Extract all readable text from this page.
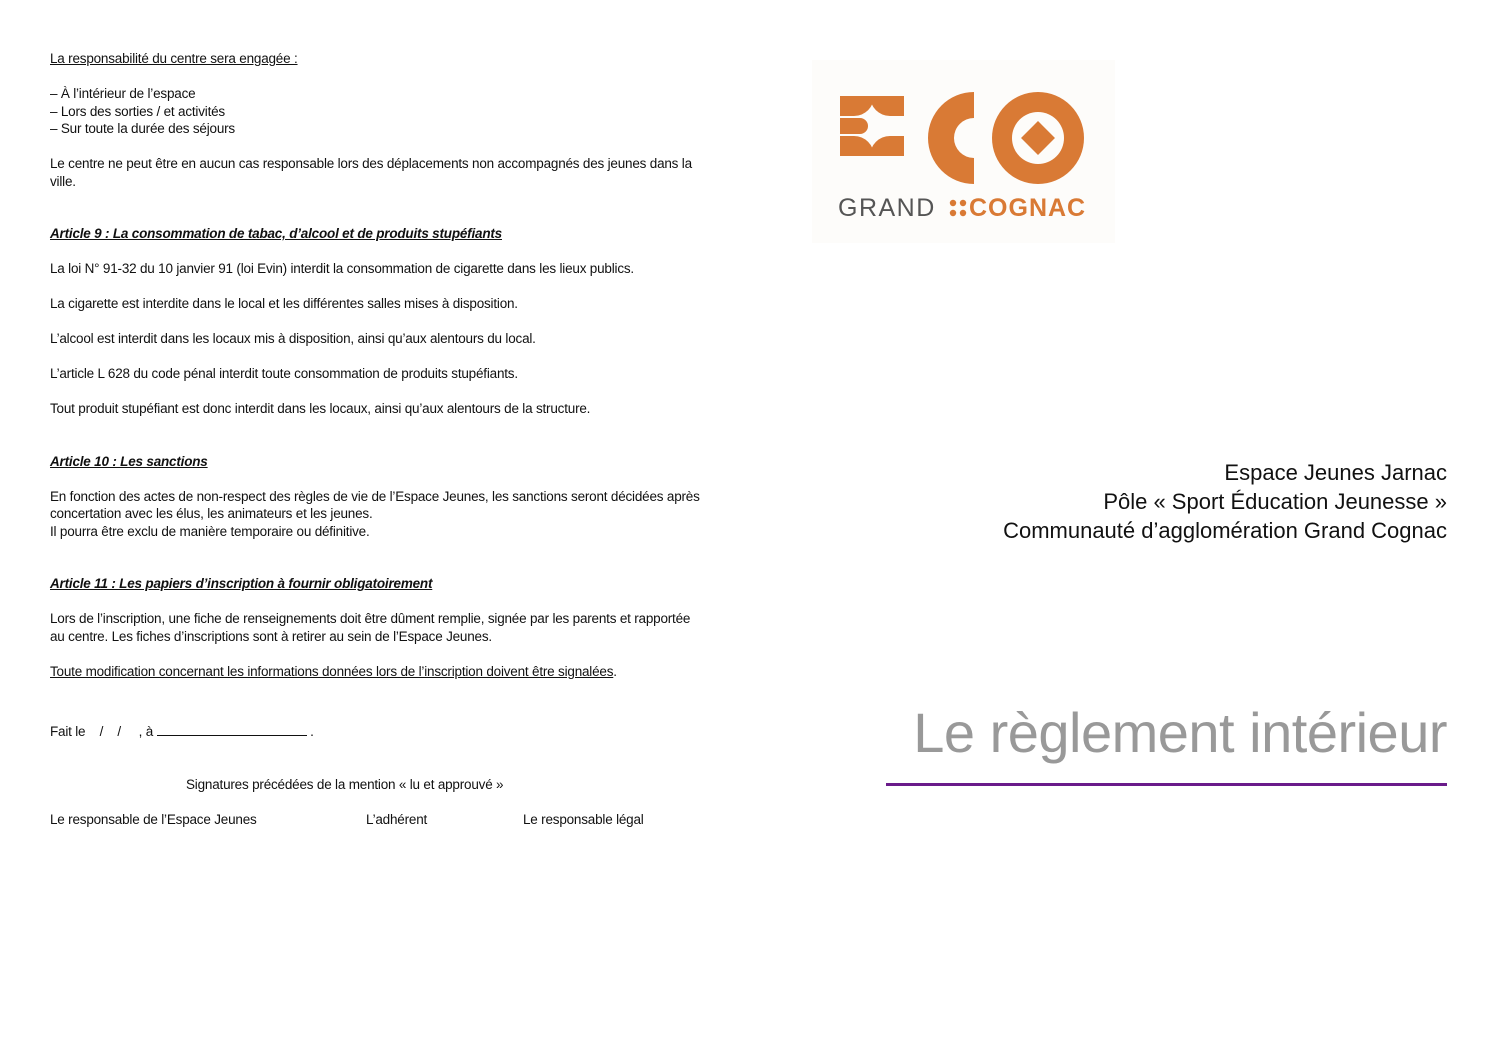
La responsabilité du centre sera engagée :

– À l’intérieur de l’espace
– Lors des sorties / et activités
– Sur toute la durée des séjours

Le centre ne peut être en aucun cas responsable lors des déplacements non accompagnés des jeunes dans la ville.

Article 9 : La consommation de tabac, d’alcool et de produits stupéfiants

La loi N° 91-32 du 10 janvier 91 (loi Evin) interdit la consommation de cigarette dans les lieux publics.

La cigarette est interdite dans le local et les différentes salles mises à disposition.

L’alcool est interdit dans les locaux mis à disposition, ainsi qu’aux alentours du local.

L’article L 628 du code pénal interdit toute consommation de produits stupéfiants.

Tout produit stupéfiant est donc interdit dans les locaux, ainsi qu’aux alentours de la structure.

Article 10 : Les sanctions

En fonction des actes de non-respect des règles de vie de l’Espace Jeunes, les sanctions seront décidées après concertation avec les élus, les animateurs et les jeunes.

Il pourra être exclu de manière temporaire ou définitive.

Article 11 : Les papiers d’inscription à fournir obligatoirement

Lors de l’inscription, une fiche de renseignements doit être dûment remplie, signée par les parents et rapportée au centre. Les fiches d’inscriptions sont à retirer au sein de l’Espace Jeunes.

Toute modification concernant les informations données lors de l’inscription doivent être signalées.

Fait le    /    /     , à	.

Signatures précédées de la mention « lu et approuvé »

Le responsable de l’Espace Jeunes	L’adhérent	Le responsable légal
GRAND COGNAC
Espace Jeunes Jarnac
Pôle « Sport Éducation Jeunesse »
Communauté d’agglomération Grand Cognac
Le règlement intérieur
